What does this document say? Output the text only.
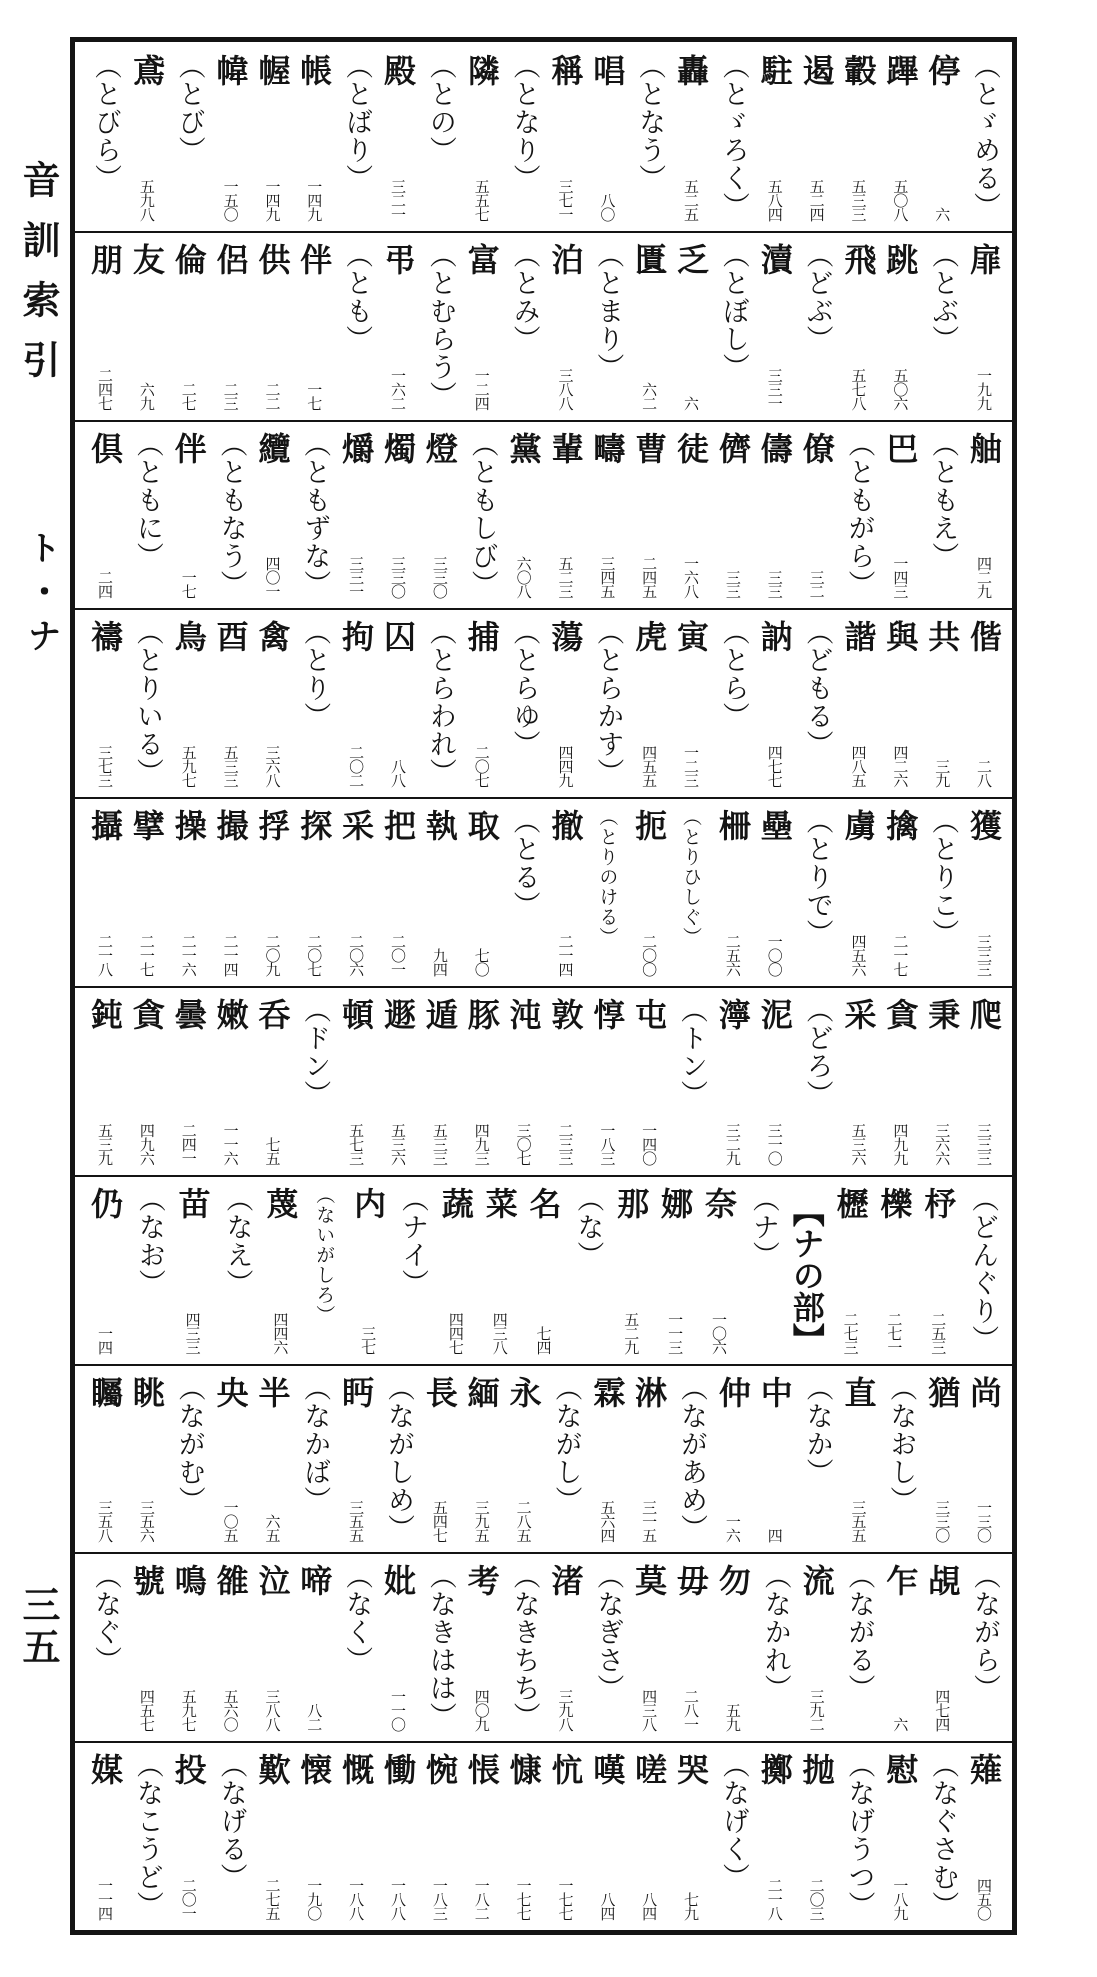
音訓索引
ト・ナ
三五
（とゞめる）
停
六
蹕
五〇八
轂
五三三
遏
五二四
駐
五八四
（とゞろく）
轟
五二五
（となう）
唱
八〇
稱
三七一
（となり）
隣
五五七
（との）
殿
三二一
（とばり）
帳
一四九
幄
一四九
幃
一五〇
（とび）
鳶
五九八
（とびら）
扉
一九九
（とぶ）
跳
五〇六
飛
五七八
（どぶ）
瀆
三三一
（とぼし）
乏
六
匱
六二
（とまり）
泊
三八八
（とみ）
富
一二四
（とむらう）
弔
一六二
（とも）
伴
一七
供
二二
侶
二三
倫
二七
友
六九
朋
二四七
舳
四二九
（ともえ）
巴
一四三
（ともがら）
僚
三二
儔
三三
儕
三三
徒
一六八
曹
二四五
疇
三四五
輩
五二三
黨
六〇八
（ともしび）
燈
三三〇
燭
三三〇
爝
三三一
（ともずな）
纜
四〇一
（ともなう）
伴
一七
（ともに）
倶
二四
偕
二八
共
三九
與
四二六
諧
四八五
（どもる）
訥
四七七
（とら）
寅
一二三
虎
四五五
（とらかす）
蕩
四四九
（とらゆ）
捕
二〇七
（とらわれ）
囚
八八
拘
二〇二
（とり）
禽
三六八
酉
五三三
鳥
五九七
（とりいる）
禱
三七三
獲
三三三
（とりこ）
擒
二一七
虜
四五六
（とりで）
壘
一〇〇
柵
二五六
（とりひしぐ）
扼
二〇〇
（とりのける）
撤
二一四
（とる）
取
七〇
執
九四
把
二〇一
采
二〇六
探
二〇七
捊
二〇九
撮
二一四
操
二一六
擘
二一七
攝
二一八
爬
三三三
秉
三六六
貪
四九九
采
五三六
（どろ）
泥
三一〇
濘
三二九
（トン）
屯
一四〇
惇
一八三
敦
二三三
沌
三〇七
豚
四九三
遁
五三三
遯
五三六
頓
五七三
（ドン）
呑
七五
嫩
一一六
曇
二四一
貪
四九六
鈍
五三九
（どんぐり）
杼
二五三
櫟
二七一
櫪
二七三
【ナの部】
（ナ）
奈
一〇六
娜
一一三
那
五二九
（な）
名
七四
菜
四三八
蔬
四四七
（ナイ）
内
三七
（ないがしろ）
蔑
四四六
（なえ）
苗
四三三
（なお）
仍
一四
尚
一三〇
猶
三三〇
（なおし）
直
三五五
（なか）
中
四
仲
一六
（ながあめ）
淋
三一五
霖
五六四
（ながし）
永
二八五
緬
三九五
長
五四七
（ながしめ）
眄
三五五
（なかば）
半
六五
央
一〇五
（ながむ）
眺
三五六
矚
三五八
（ながら）
覘
四七四
乍
六
（ながる）
流
三九二
（なかれ）
勿
五九
毋
二八一
莫
四三八
（なぎさ）
渚
三九八
（なきちち）
考
四〇九
（なきはは）
妣
一一〇
（なく）
啼
八二
泣
三八八
雒
五六〇
鳴
五九七
號
四五七
（なぐ）
薙
四五〇
（なぐさむ）
慰
一八九
（なげうつ）
抛
二〇三
擲
二一八
（なげく）
哭
七九
嗟
八四
嘆
八四
忼
一七七
慷
一七七
悵
一八二
惋
一八三
慟
一八八
慨
一八八
懐
一九〇
歎
二七五
（なげる）
投
二〇一
（なこうど）
媒
一一四
